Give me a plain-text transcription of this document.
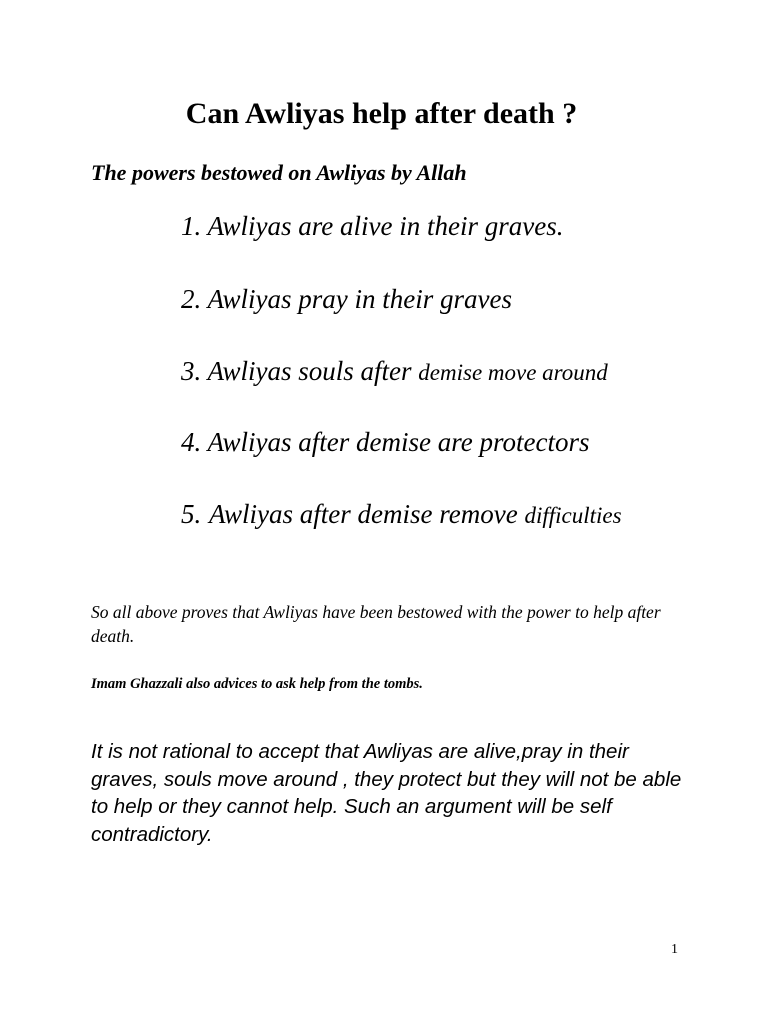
Can Awliyas help after death ?
The powers bestowed on Awliyas by Allah
1. Awliyas are alive in their graves.
2. Awliyas pray in their graves
3. Awliyas souls after demise move around
4. Awliyas after demise are protectors
5. Awliyas after demise remove difficulties

So all above proves that Awliyas have been bestowed with the power to help after death.

Imam Ghazzali also advices to ask help from the tombs.

It is not rational to accept that Awliyas are alive,pray in their graves, souls move around , they protect but they will not be able to help or they cannot help. Such an argument will be self contradictory.

1
